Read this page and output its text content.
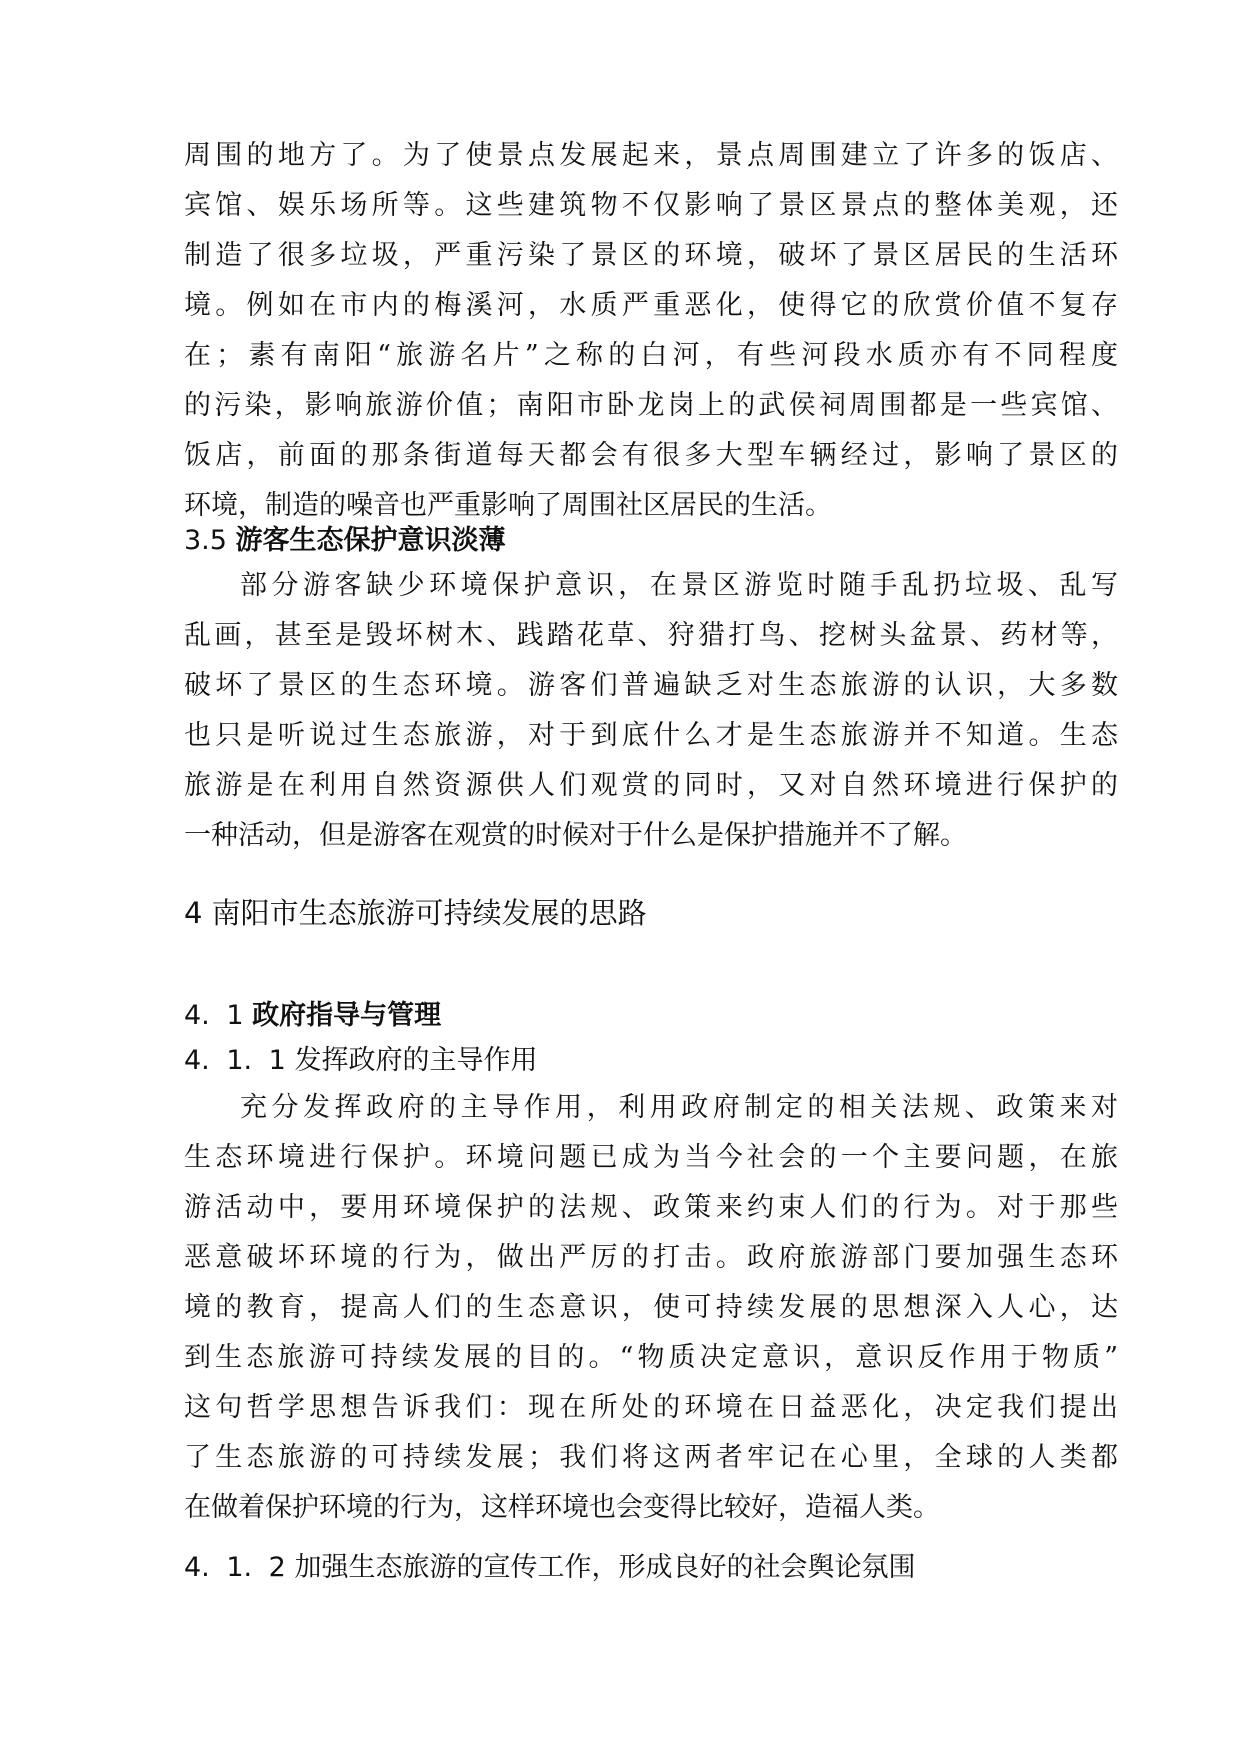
周围的地方了。为了使景点发展起来，景点周围建立了许多的饭店、
宾馆、娱乐场所等。这些建筑物不仅影响了景区景点的整体美观，还
制造了很多垃圾，严重污染了景区的环境，破坏了景区居民的生活环
境。例如在市内的梅溪河，水质严重恶化，使得它的欣赏价值不复存
在；素有南阳“旅游名片”之称的白河，有些河段水质亦有不同程度
的污染，影响旅游价值；南阳市卧龙岗上的武侯祠周围都是一些宾馆、
饭店，前面的那条街道每天都会有很多大型车辆经过，影响了景区的
环境，制造的噪音也严重影响了周围社区居民的生活。
3.5 游客生态保护意识淡薄
部分游客缺少环境保护意识，在景区游览时随手乱扔垃圾、乱写
乱画，甚至是毁坏树木、践踏花草、狩猎打鸟、挖树头盆景、药材等，
破坏了景区的生态环境。游客们普遍缺乏对生态旅游的认识，大多数
也只是听说过生态旅游，对于到底什么才是生态旅游并不知道。生态
旅游是在利用自然资源供人们观赏的同时，又对自然环境进行保护的
一种活动，但是游客在观赏的时候对于什么是保护措施并不了解。
4 南阳市生态旅游可持续发展的思路
4. 1 政府指导与管理
4. 1. 1 发挥政府的主导作用
充分发挥政府的主导作用，利用政府制定的相关法规、政策来对
生态环境进行保护。环境问题已成为当今社会的一个主要问题，在旅
游活动中，要用环境保护的法规、政策来约束人们的行为。对于那些
恶意破坏环境的行为，做出严厉的打击。政府旅游部门要加强生态环
境的教育，提高人们的生态意识，使可持续发展的思想深入人心，达
到生态旅游可持续发展的目的。“物质决定意识，意识反作用于物质”
这句哲学思想告诉我们：现在所处的环境在日益恶化，决定我们提出
了生态旅游的可持续发展；我们将这两者牢记在心里，全球的人类都
在做着保护环境的行为，这样环境也会变得比较好，造福人类。
4. 1. 2 加强生态旅游的宣传工作，形成良好的社会舆论氛围
